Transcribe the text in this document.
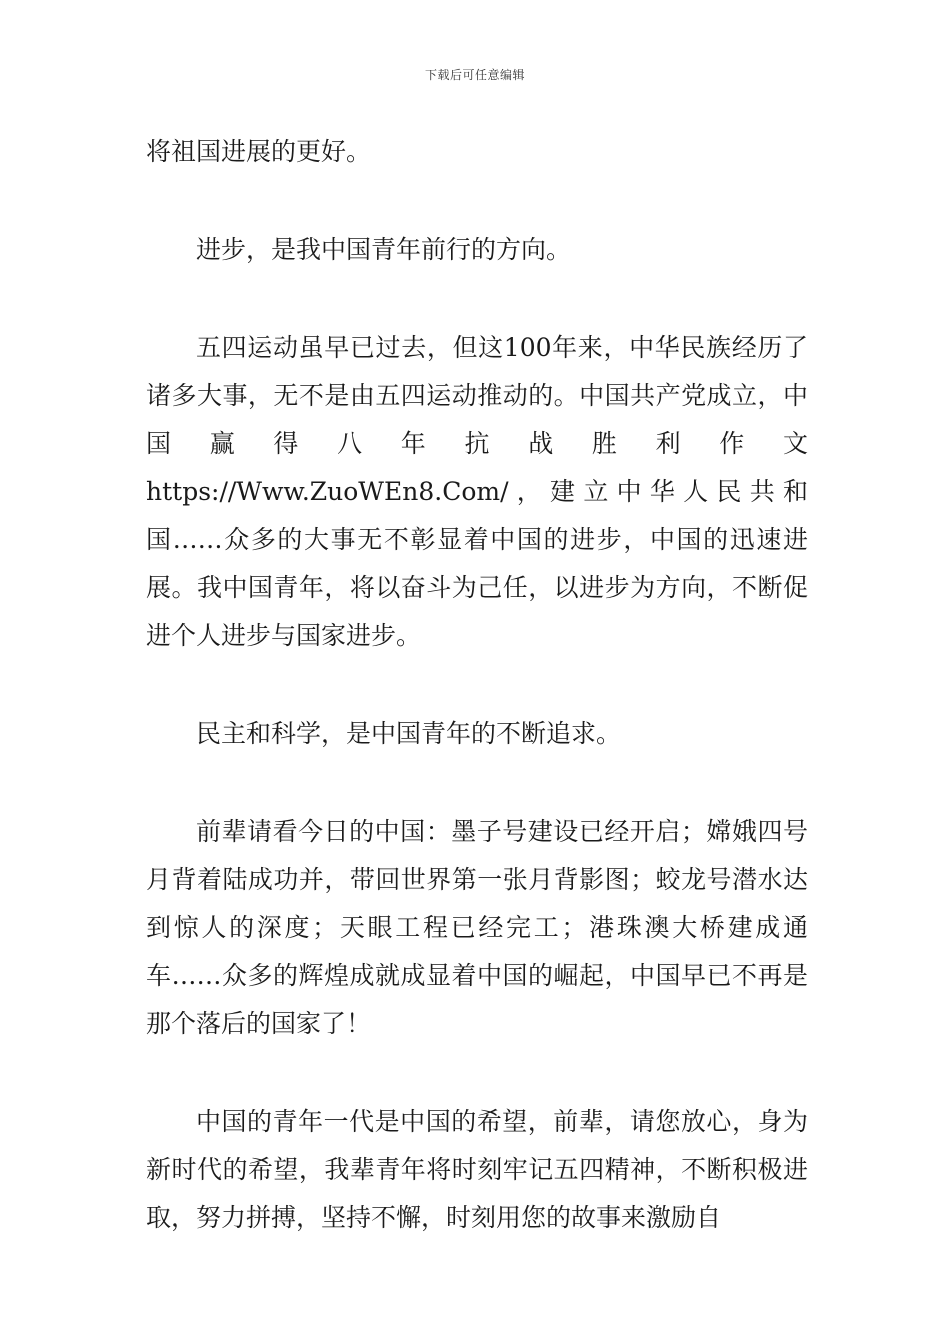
下载后可任意编辑

将祖国进展的更好。

进步，是我中国青年前行的方向。

五四运动虽早已过去，但这100年来，中华民族经历了诸多大事，无不是由五四运动推动的。中国共产党成立，中国赢得八年抗战胜利作文https://Www.ZuoWEn8.Com/，建立中华人民共和国……众多的大事无不彰显着中国的进步，中国的迅速进展。我中国青年，将以奋斗为己任，以进步为方向，不断促进个人进步与国家进步。

民主和科学，是中国青年的不断追求。

前辈请看今日的中国：墨子号建设已经开启；嫦娥四号月背着陆成功并，带回世界第一张月背影图；蛟龙号潜水达到惊人的深度；天眼工程已经完工；港珠澳大桥建成通车……众多的辉煌成就成显着中国的崛起，中国早已不再是那个落后的国家了！

中国的青年一代是中国的希望，前辈，请您放心，身为新时代的希望，我辈青年将时刻牢记五四精神，不断积极进取，努力拼搏，坚持不懈，时刻用您的故事来激励自
